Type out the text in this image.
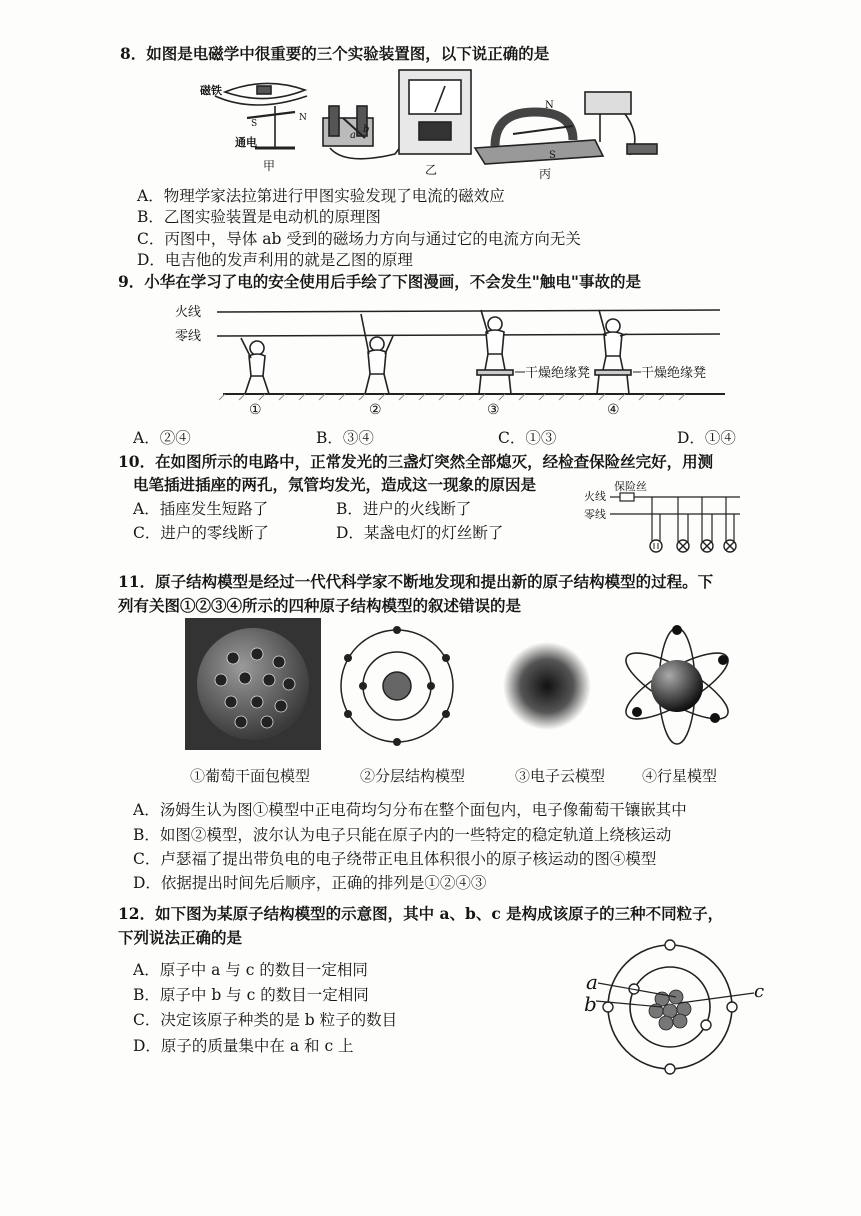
8．如图是电磁学中很重要的三个实验装置图，以下说正确的是
磁铁
S
N
通电
甲
a
b
乙
N
S
丙
A．物理学家法拉第进行甲图实验发现了电流的磁效应
B．乙图实验装置是电动机的原理图
C．丙图中，导体 ab 受到的磁场力方向与通过它的电流方向无关
D．电吉他的发声利用的就是乙图的原理
9．小华在学习了电的安全使用后手绘了下图漫画，不会发生"触电"事故的是
火线
零线
干燥绝缘凳	干燥绝缘凳
①	②	③	④
A．②④	B．③④	C．①③	D．①④
10．在如图所示的电路中，正常发光的三盏灯突然全部熄灭，经检查保险丝完好，用测
电笔插进插座的两孔，氖管均发光，造成这一现象的原因是
A．插座发生短路了	B．进户的火线断了
C．进户的零线断了	D．某盏电灯的灯丝断了
火线
保险丝
零线
11．原子结构模型是经过一代代科学家不断地发现和提出新的原子结构模型的过程。下
列有关图①②③④所示的四种原子结构模型的叙述错误的是
①葡萄干面包模型	②分层结构模型	③电子云模型 ④行星模型
A．汤姆生认为图①模型中正电荷均匀分布在整个面包内，电子像葡萄干镶嵌其中
B．如图②模型，波尔认为电子只能在原子内的一些特定的稳定轨道上绕核运动
C．卢瑟福了提出带负电的电子绕带正电且体积很小的原子核运动的图④模型
D．依据提出时间先后顺序，正确的排列是①②④③
12．如下图为某原子结构模型的示意图，其中 a、b、c 是构成该原子的三种不同粒子，
下列说法正确的是
A．原子中 a 与 c 的数目一定相同
B．原子中 b 与 c 的数目一定相同
C．决定该原子种类的是 b 粒子的数目
D．原子的质量集中在 a 和 c 上
a
b
c
